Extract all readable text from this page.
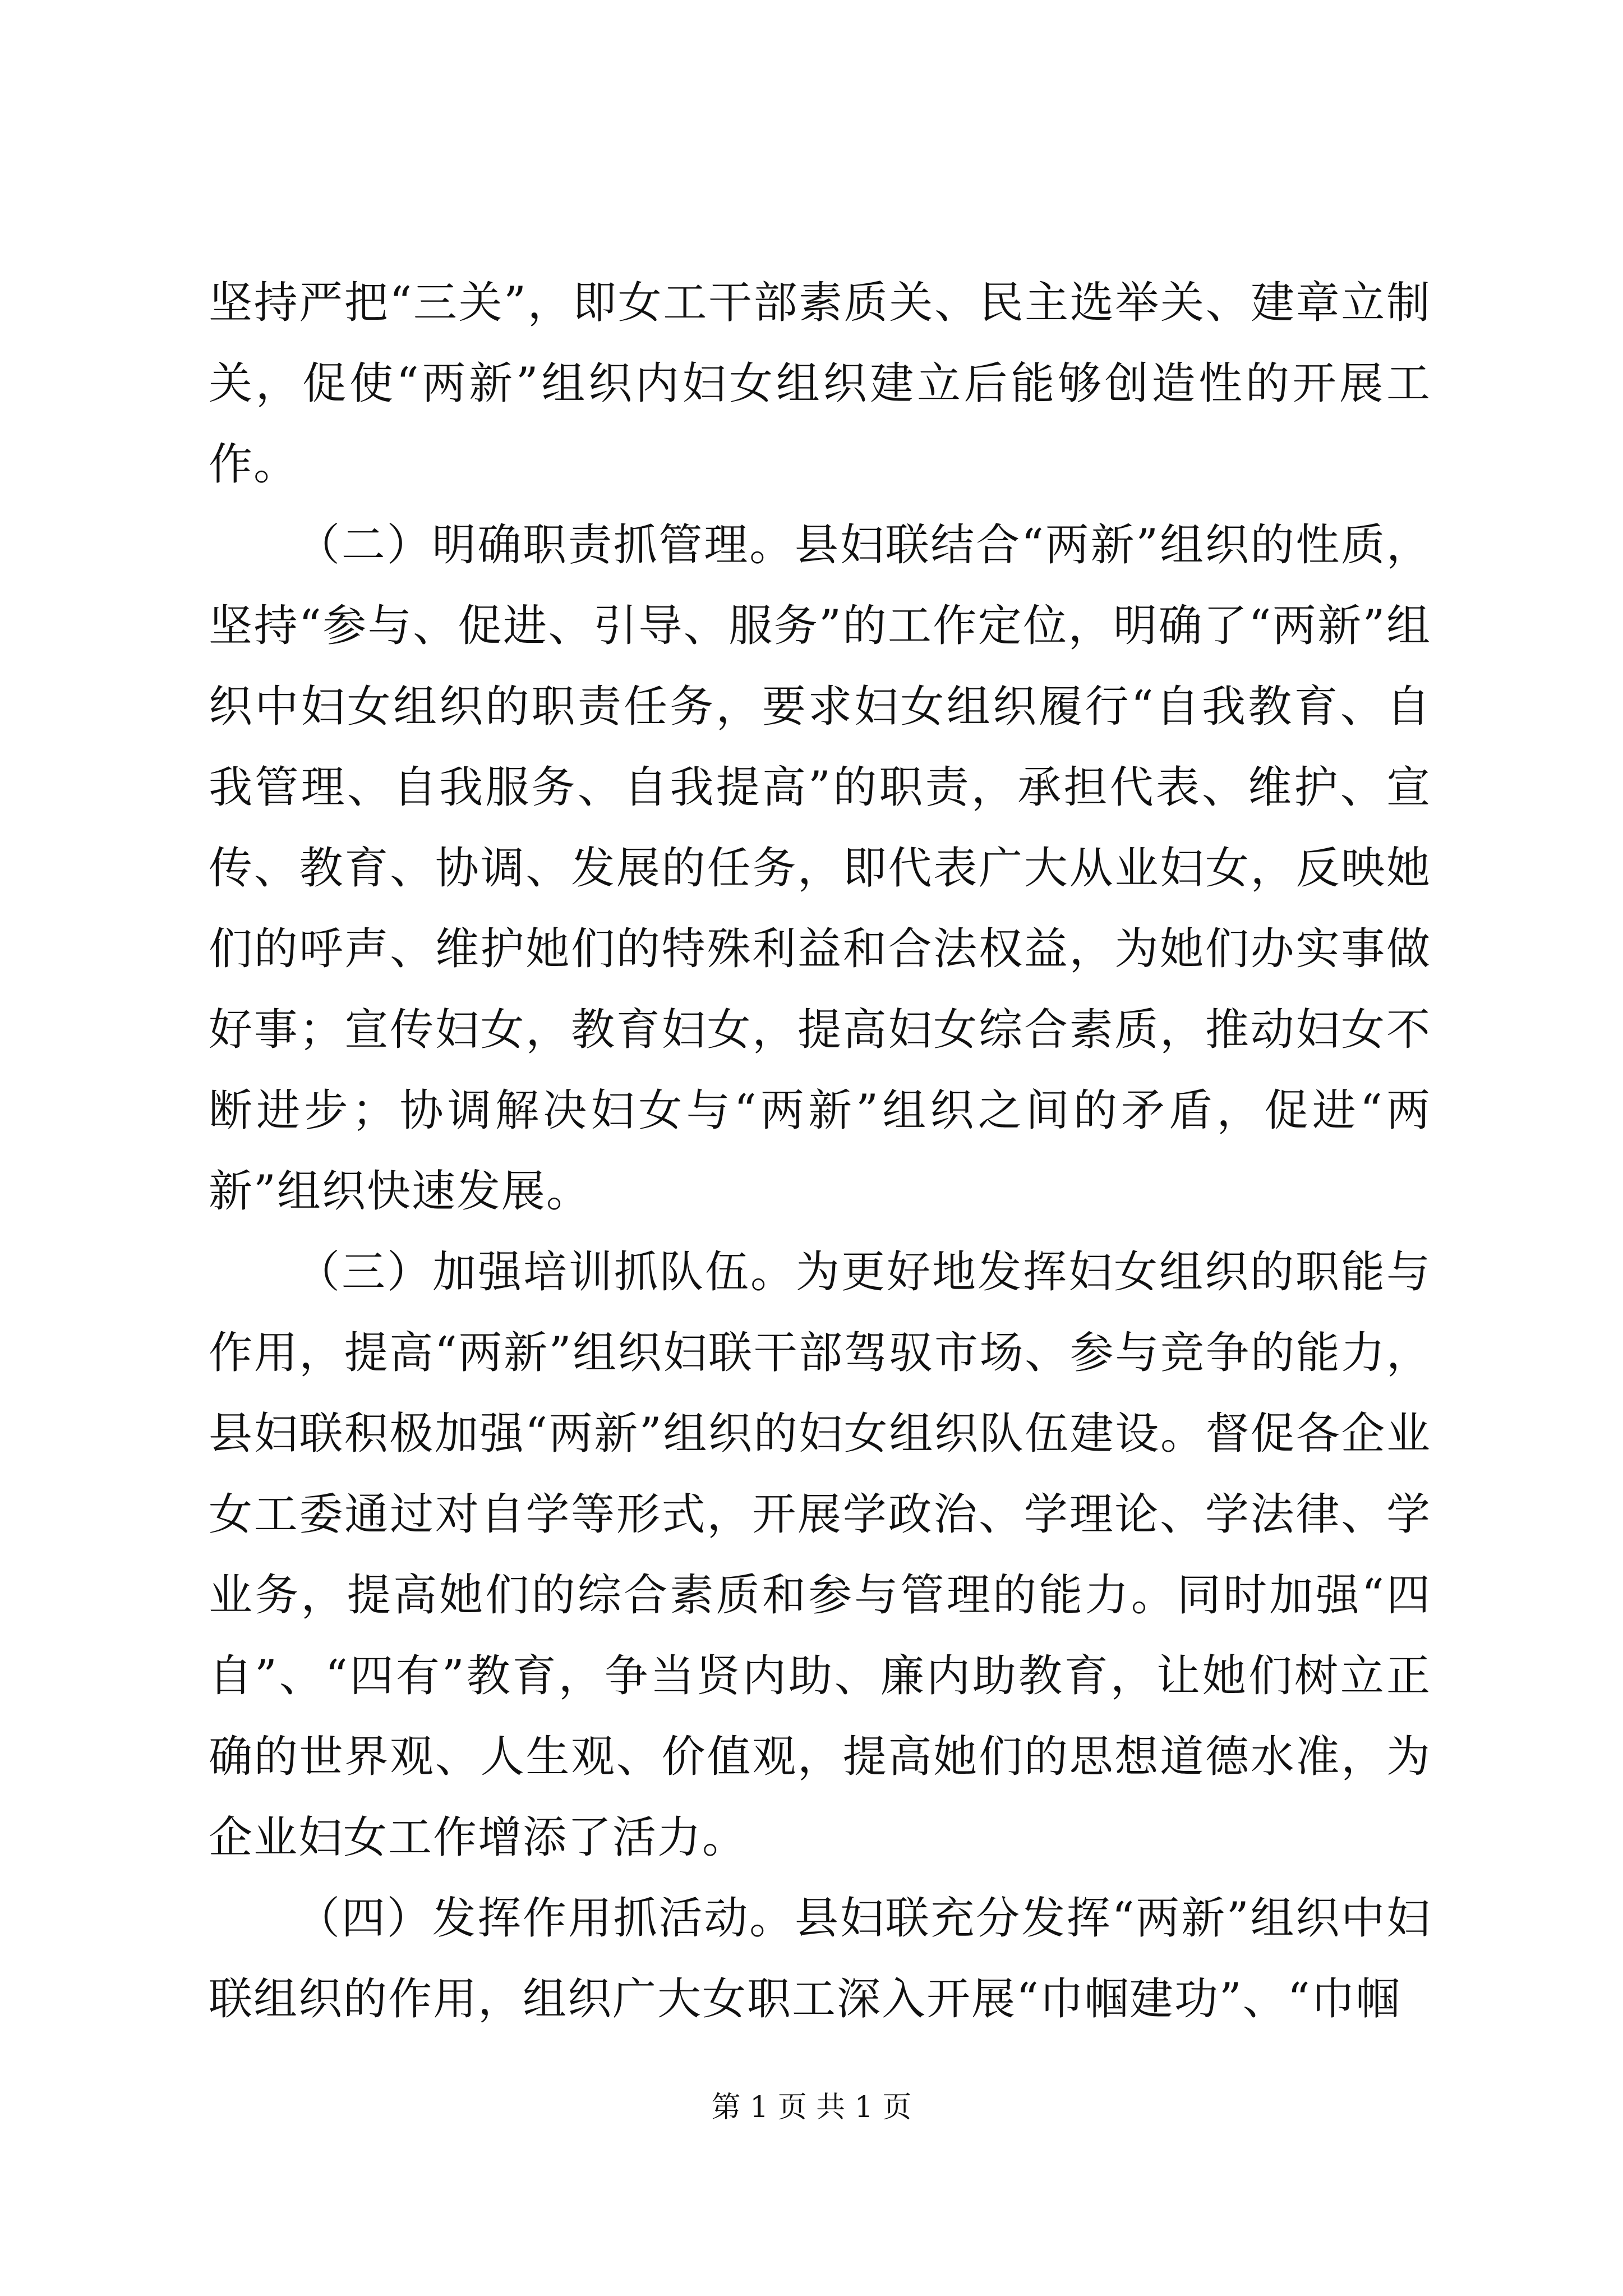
坚持严把“三关”，即女工干部素质关、民主选举关、建章立制关，促使“两新”组织内妇女组织建立后能够创造性的开展工作。

（二）明确职责抓管理。县妇联结合“两新”组织的性质，坚持“参与、促进、引导、服务”的工作定位，明确了“两新”组织中妇女组织的职责任务，要求妇女组织履行“自我教育、自我管理、自我服务、自我提高”的职责，承担代表、维护、宣传、教育、协调、发展的任务，即代表广大从业妇女，反映她们的呼声、维护她们的特殊利益和合法权益，为她们办实事做好事；宣传妇女，教育妇女，提高妇女综合素质，推动妇女不断进步；协调解决妇女与“两新”组织之间的矛盾，促进“两新”组织快速发展。

（三）加强培训抓队伍。为更好地发挥妇女组织的职能与作用，提高“两新”组织妇联干部驾驭市场、参与竞争的能力，县妇联积极加强“两新”组织的妇女组织队伍建设。督促各企业女工委通过对自学等形式，开展学政治、学理论、学法律、学业务，提高她们的综合素质和参与管理的能力。同时加强“四自”、“四有”教育，争当贤内助、廉内助教育，让她们树立正确的世界观、人生观、价值观，提高她们的思想道德水准，为企业妇女工作增添了活力。

（四）发挥作用抓活动。县妇联充分发挥“两新”组织中妇联组织的作用，组织广大女职工深入开展“巾帼建功”、“巾帼

第 1 页 共 1 页
